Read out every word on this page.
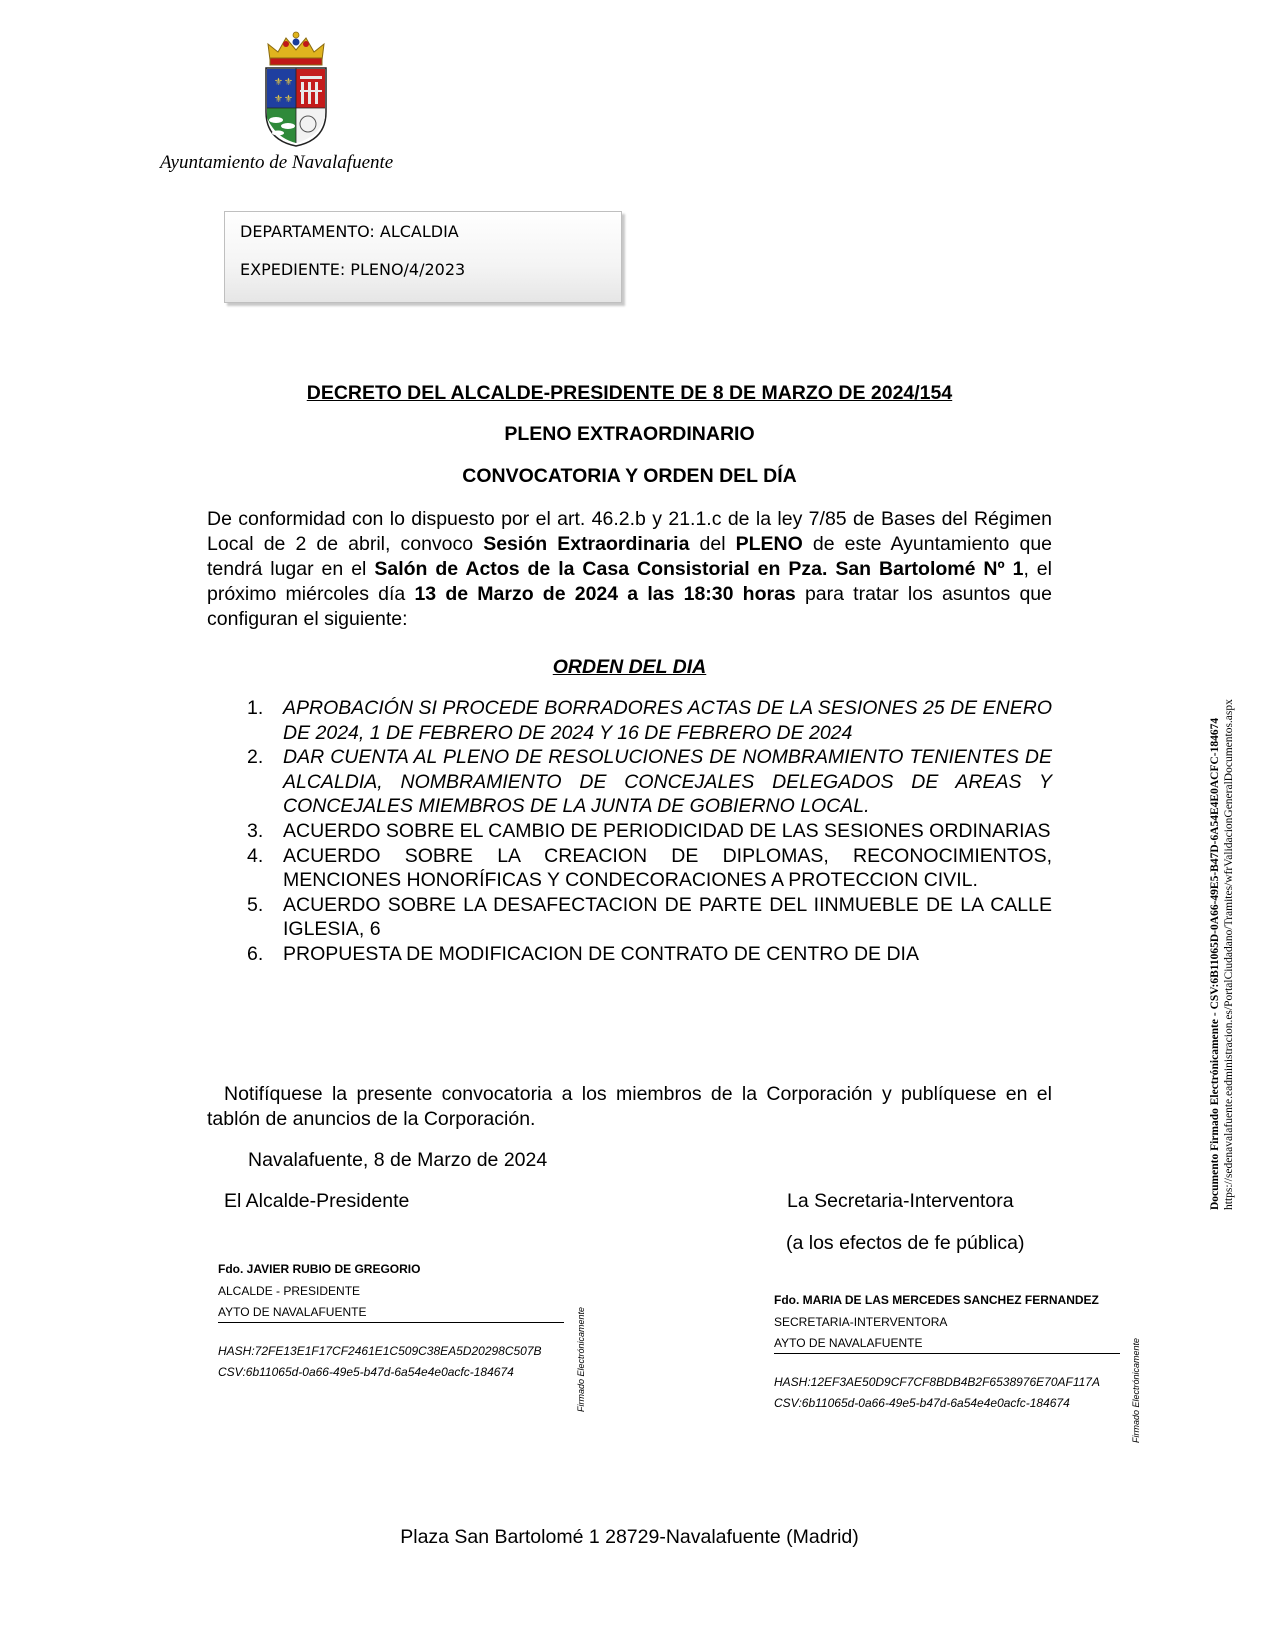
⚜ ⚜
⚜ ⚜
Ayuntamiento de Navalafuente
DEPARTAMENTO: ALCALDIA
EXPEDIENTE: PLENO/4/2023
DECRETO DEL ALCALDE-PRESIDENTE DE 8 DE MARZO DE 2024/154
PLENO EXTRAORDINARIO
CONVOCATORIA Y ORDEN DEL DÍA
De conformidad con lo dispuesto por el art. 46.2.b y 21.1.c de la ley 7/85 de Bases del Régimen Local de 2 de abril, convoco Sesión Extraordinaria del PLENO de este Ayuntamiento que tendrá lugar en el Salón de Actos de la Casa Consistorial en Pza. San Bartolomé Nº 1, el próximo miércoles día 13 de Marzo de 2024 a las 18:30 horas para tratar los asuntos que configuran el siguiente:
ORDEN DEL DIA
1. APROBACIÓN SI PROCEDE BORRADORES ACTAS DE LA SESIONES 25 DE ENERO DE 2024, 1 DE FEBRERO DE 2024 Y 16 DE FEBRERO DE 2024
2. DAR CUENTA AL PLENO DE RESOLUCIONES DE NOMBRAMIENTO TENIENTES DE ALCALDIA, NOMBRAMIENTO DE CONCEJALES DELEGADOS DE AREAS Y CONCEJALES MIEMBROS DE LA JUNTA DE GOBIERNO LOCAL.
3. ACUERDO SOBRE EL CAMBIO DE PERIODICIDAD DE LAS SESIONES ORDINARIAS
4. ACUERDO SOBRE LA CREACION DE DIPLOMAS, RECONOCIMIENTOS, MENCIONES HONORÍFICAS Y CONDECORACIONES A PROTECCION CIVIL.
5. ACUERDO SOBRE LA DESAFECTACION DE PARTE DEL IINMUEBLE DE LA CALLE IGLESIA, 6
6. PROPUESTA DE MODIFICACION DE CONTRATO DE CENTRO DE DIA
Notifíquese la presente convocatoria a los miembros de la Corporación y publíquese en el tablón de anuncios de la Corporación.
Navalafuente, 8 de Marzo de 2024
El Alcalde-Presidente	La Secretaria-Interventora
(a los efectos de fe pública)
Fdo. JAVIER RUBIO DE GREGORIO
ALCALDE - PRESIDENTE
AYTO DE NAVALAFUENTE
HASH:72FE13E1F17CF2461E1C509C38EA5D20298C507B
CSV:6b11065d-0a66-49e5-b47d-6a54e4e0acfc-184674	Firmado Electrónicamente
Fdo. MARIA DE LAS MERCEDES SANCHEZ FERNANDEZ
SECRETARIA-INTERVENTORA
AYTO DE NAVALAFUENTE
HASH:12EF3AE50D9CF7CF8BDB4B2F6538976E70AF117A
CSV:6b11065d-0a66-49e5-b47d-6a54e4e0acfc-184674	Firmado Electrónicamente
Plaza San Bartolomé 1 28729-Navalafuente (Madrid)
Documento Firmado Electrónicamente - CSV:6B11065D-0A66-49E5-B47D-6A54E4E0ACFC-184674 https://sedenavalafuente.eadministracion.es/PortalCiudadano/Tramites/wfrValidacionGeneralDocumentos.aspx
